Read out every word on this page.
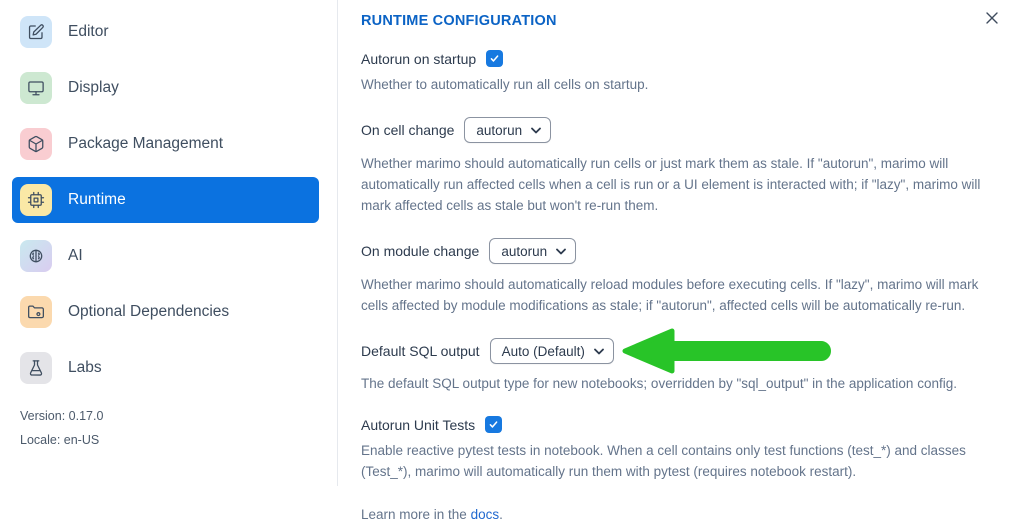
Editor
Display
Package Management
Runtime
AI
Optional Dependencies
Labs

Version: 0.17.0

Locale: en-US

RUNTIME CONFIGURATION
Autorun on startup

Whether to automatically run all cells on startup.

On cell change autorun

Whether marimo should automatically run cells or just mark them as stale. If "autorun", marimo will automatically run affected cells when a cell is run or a UI element is interacted with; if "lazy", marimo will mark affected cells as stale but won't re-run them.

On module change autorun

Whether marimo should automatically reload modules before executing cells. If "lazy", marimo will mark cells affected by module modifications as stale; if "autorun", affected cells will be automatically re-run.

Default SQL output Auto (Default)

The default SQL output type for new notebooks; overridden by "sql_output" in the application config.

Autorun Unit Tests

Enable reactive pytest tests in notebook. When a cell contains only test functions (test_*) and classes (Test_*), marimo will automatically run them with pytest (requires notebook restart).

Learn more in the docs.
